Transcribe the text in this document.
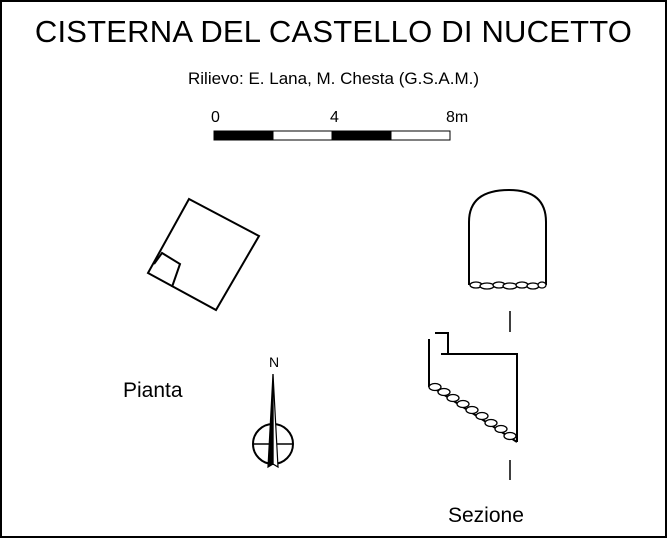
CISTERNA DEL CASTELLO DI NUCETTO
Rilievo: E. Lana, M. Chesta (G.S.A.M.)
0	4	8m
Pianta
N
Sezione
